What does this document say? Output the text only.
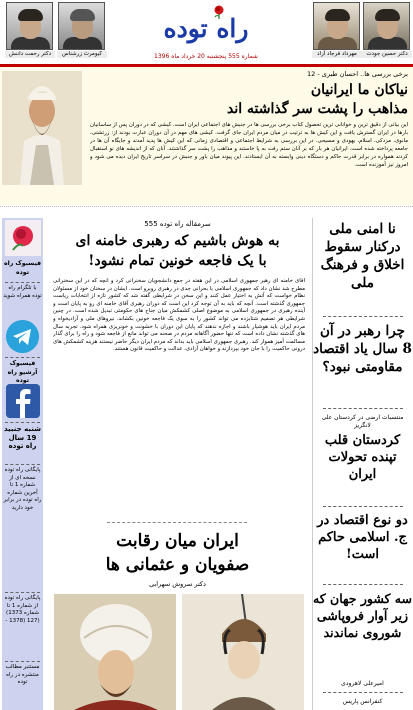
دکتر حسین جودت
مهرداد فرجاد آزاد
کیومرث زرشناس
دکتر رحمت داننش
راه توده
شماره 555 پنجشنبه 20 خرداد ماه 1396
برخی بررسی ها.. احسان طبری - 12
نیاکان ما ایرانیان
مذاهب را پشت سر گذاشته اند
این بیانی از دقیق ترین و خوانانی ترین تحصول کتاب برخی بررسی ها در جنبش های اجتماعی ایران است. کیشی که در دوران پس از ساسانیان بارها در ایران گسترش یافت و این کیش ها به ترتیب در میان مردم ایران جای گرفت. کیشی های مهم در آن دوران عبارت بودند از: زرتشتی، مانوی، مزدکی، اسلام، یهودی و مسیحی. در این بررسی به شرایط اجتماعی و اقتصادی زمانی که این کیش ها پدید آمدند و جایگاه آن ها در جامعه پرداخته شده است. ایرانیان هر بار که بر آنان ستم رفت به پا خاستند و مذاهب را پشت سر گذاشتند. آنان که از اندیشه های نو استقبال کردند همواره در برابر قدرت حاکم و دستگاه دینی وابسته به آن ایستادند. این پیوند میان باور و جنبش در سراسر تاریخ ایران دیده می شود و امروز نیز آموزنده است.
فیسبوک راه توده
با تلگرام راه توده همراه شوید
فیسبوک آرشیو راه توده
شنبه جنبید 19 سال راه توده
پایگانی راه توده نسخه ای از شماره 1 تا آخرین شماره راه توده در برابر خود دارید
پایگانی راه توده از شماره 1 تا شماره 1373) (127 (1378 -
مستتبر مطالب منتشره در راه توده
سرمقاله راه توده 555
به هوش باشیم که رهبری خامنه ای
با یک فاجعه خونین تمام نشود!
آقای خامنه ای رهبر جمهوری اسلامی در این هفته در جمع دانشجویان سخنرانی کرد و آنچه که در این سخنرانی مطرح شد نشان داد که جمهوری اسلامی با بحرانی جدی در رهبری روبرو است. ایشان در سخنان خود از مسئولان نظام خواست که آتش به اختیار عمل کنند و این سخن در شرایطی گفته شد که کشور تازه از انتخابات ریاست جمهوری گذشته است. آنچه که باید به آن توجه کرد این است که دوران رهبری آقای خامنه ای رو به پایان است و آینده رهبری در جمهوری اسلامی به موضوع اصلی کشمکش میان جناح های حکومتی تبدیل شده است. در چنین شرایطی هر تصمیم شتابزده می تواند کشور را به سوی یک فاجعه خونین بکشاند. نیروهای ملی و آزادیخواه و مردم ایران باید هوشیار باشند و اجازه ندهند که پایان این دوران با خشونت و خونریزی همراه شود. تجربه سال های گذشته نشان داده است که تنها حضور آگاهانه مردم در صحنه می تواند مانع از فاجعه شود و راه را برای گذار مسالمت آمیز هموار کند. رهبری جمهوری اسلامی باید بداند که مردم ایران دیگر حاضر نیستند هزینه کشمکش های درونی حاکمیت را با جان خود بپردازند و خواهان آزادی، عدالت و حاکمیت قانون هستند.
ایران میان رقابت
صفویان و عثمانی ها
دکتر سروش سهرابی
نا امنی ملی دركنار سقوط اخلاق و فرهنگ ملی
چرا رهبر در آن 8 سال یاد اقتصاد مقاومتی نبود؟
منتسبات ارضی در کردستان علی لانگریز
کردستان قلب تپنده تحولات ایران
دو نوع اقتصاد در ج. اسلامی حاکم است!
سه کشور جهان که زیر آوار فروپاشی شوروی نماندند
امیرعلی لاهرودی
کنفرانس پاریس
